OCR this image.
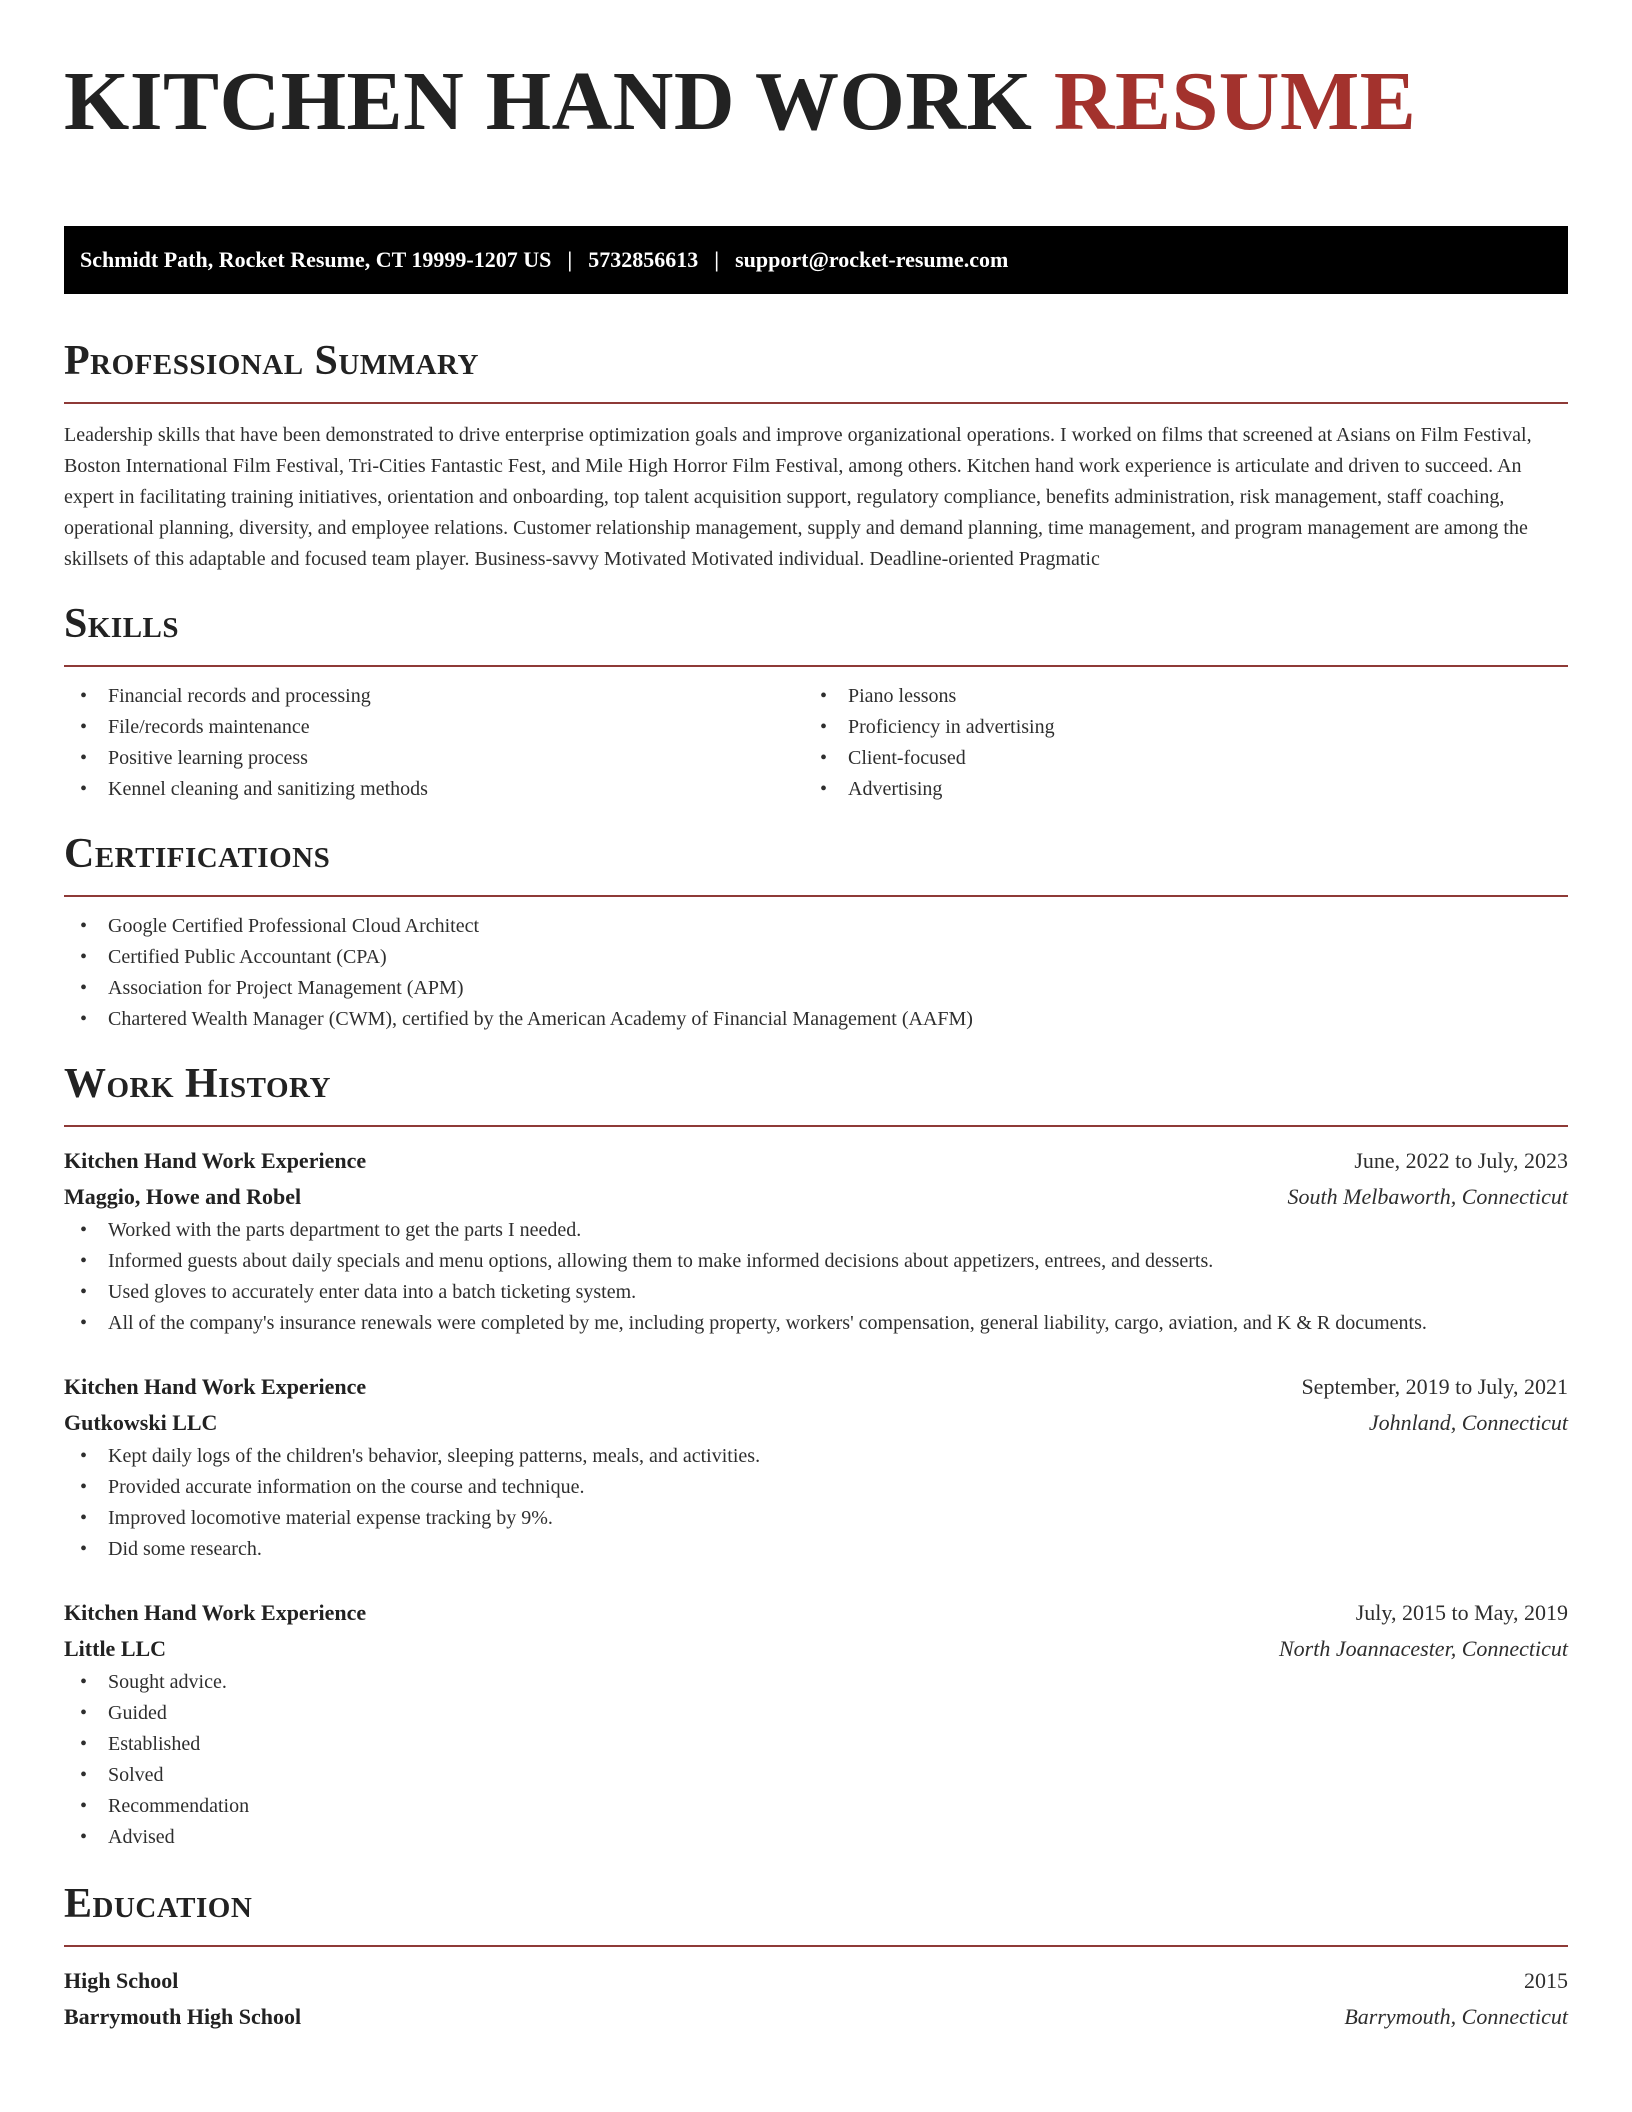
KITCHEN HAND WORK RESUME
Schmidt Path, Rocket Resume, CT 19999-1207 US | 5732856613 | support@rocket-resume.com
Professional Summary

Leadership skills that have been demonstrated to drive enterprise optimization goals and improve organizational operations. I worked on films that screened at Asians on Film Festival, Boston International Film Festival, Tri-Cities Fantastic Fest, and Mile High Horror Film Festival, among others. Kitchen hand work experience is articulate and driven to succeed. An expert in facilitating training initiatives, orientation and onboarding, top talent acquisition support, regulatory compliance, benefits administration, risk management, staff coaching, operational planning, diversity, and employee relations. Customer relationship management, supply and demand planning, time management, and program management are among the skillsets of this adaptable and focused team player. Business-savvy Motivated Motivated individual. Deadline-oriented Pragmatic

Skills
• Financial records and processing
• File/records maintenance
• Positive learning process
• Kennel cleaning and sanitizing methods
• Piano lessons
• Proficiency in advertising
• Client-focused
• Advertising
Certifications
• Google Certified Professional Cloud Architect
• Certified Public Accountant (CPA)
• Association for Project Management (APM)
• Chartered Wealth Manager (CWM), certified by the American Academy of Financial Management (AAFM)
Work History
Kitchen Hand Work Experience	June, 2022 to July, 2023
Maggio, Howe and Robel	South Melbaworth, Connecticut
• Worked with the parts department to get the parts I needed.
• Informed guests about daily specials and menu options, allowing them to make informed decisions about appetizers, entrees, and desserts.
• Used gloves to accurately enter data into a batch ticketing system.
• All of the company's insurance renewals were completed by me, including property, workers' compensation, general liability, cargo, aviation, and K & R documents.
Kitchen Hand Work Experience	September, 2019 to July, 2021
Gutkowski LLC	Johnland, Connecticut
• Kept daily logs of the children's behavior, sleeping patterns, meals, and activities.
• Provided accurate information on the course and technique.
• Improved locomotive material expense tracking by 9%.
• Did some research.
Kitchen Hand Work Experience	July, 2015 to May, 2019
Little LLC	North Joannacester, Connecticut
• Sought advice.
• Guided
• Established
• Solved
• Recommendation
• Advised
Education
High School	2015
Barrymouth High School	Barrymouth, Connecticut
